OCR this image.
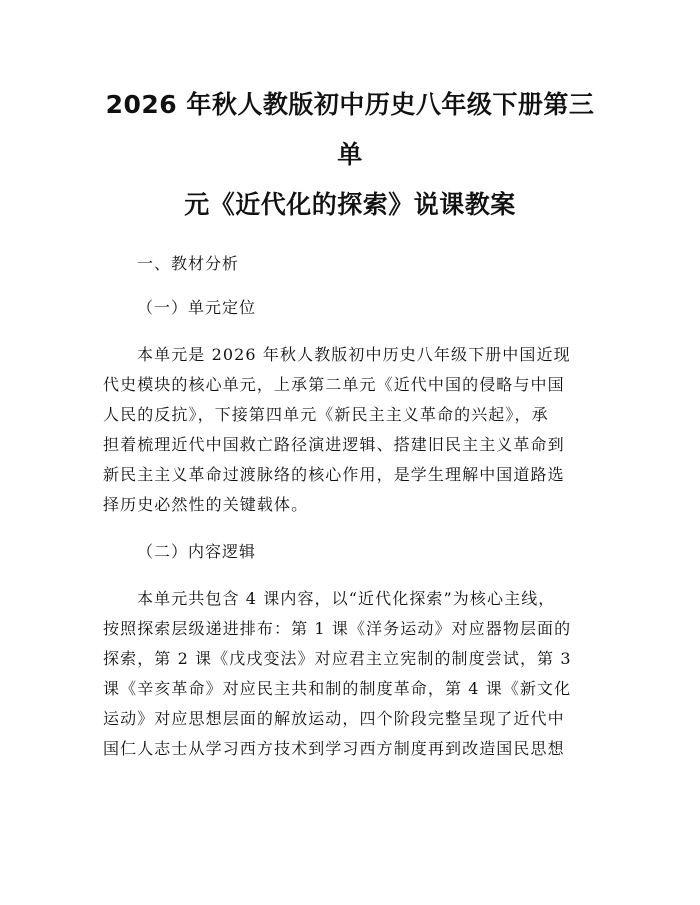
2026 年秋人教版初中历史八年级下册第三单
元《近代化的探索》说课教案

一、教材分析

（一）单元定位

本单元是 2026 年秋人教版初中历史八年级下册中国近现
代史模块的核心单元，上承第二单元《近代中国的侵略与中国
人民的反抗》，下接第四单元《新民主主义革命的兴起》，承
担着梳理近代中国救亡路径演进逻辑、搭建旧民主主义革命到
新民主主义革命过渡脉络的核心作用，是学生理解中国道路选
择历史必然性的关键载体。

（二）内容逻辑

本单元共包含 4 课内容，以“近代化探索”为核心主线，
按照探索层级递进排布：第 1 课《洋务运动》对应器物层面的
探索，第 2 课《戊戌变法》对应君主立宪制的制度尝试，第 3
课《辛亥革命》对应民主共和制的制度革命，第 4 课《新文化
运动》对应思想层面的解放运动，四个阶段完整呈现了近代中
国仁人志士从学习西方技术到学习西方制度再到改造国民思想
